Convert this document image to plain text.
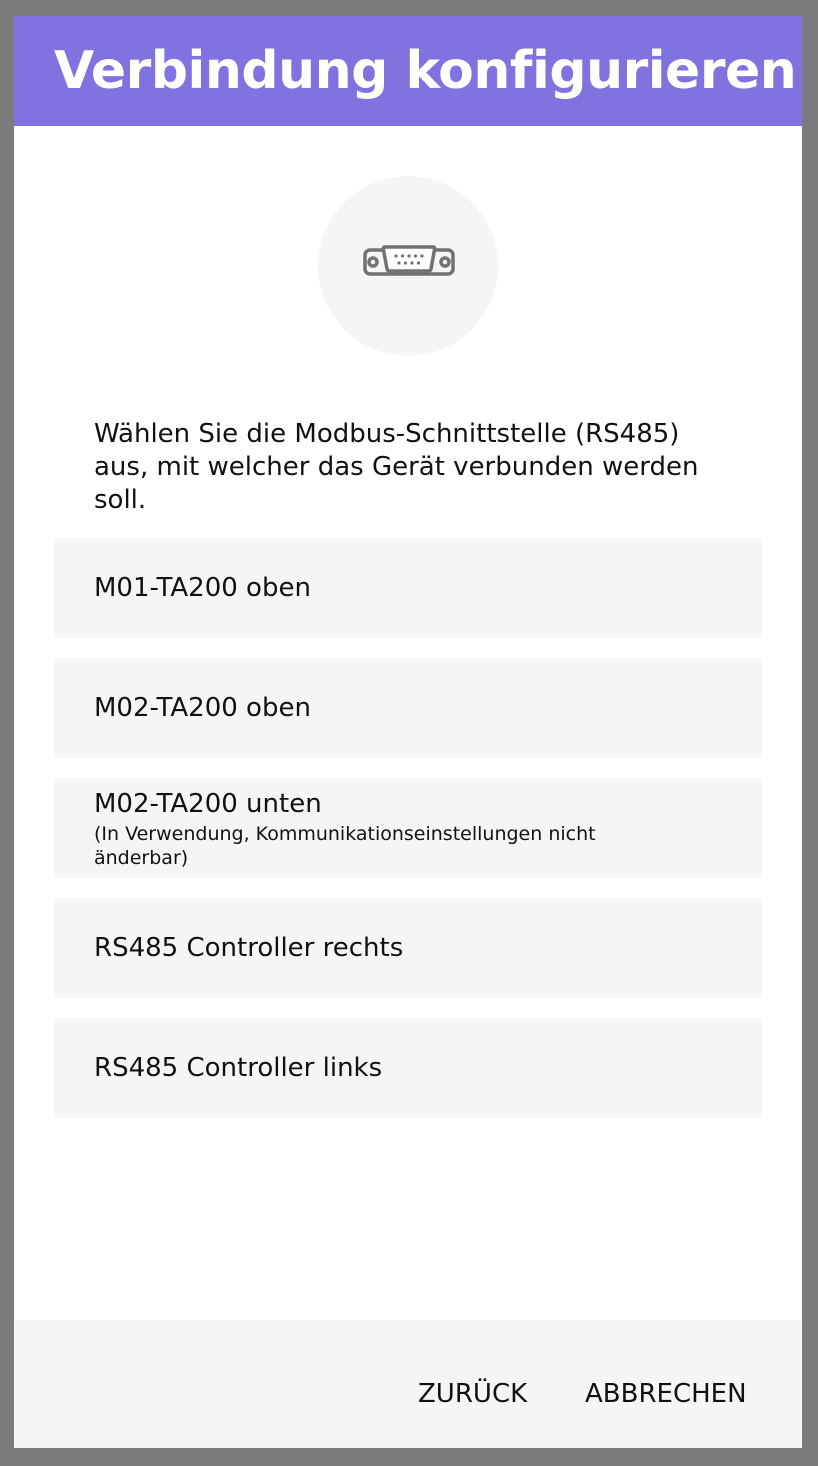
Verbindung konfigurieren

Wählen Sie die Modbus-Schnittstelle (RS485) aus, mit welcher das Gerät verbunden werden soll.

M01-TA200 oben
M02-TA200 oben
M02-TA200 unten
(In Verwendung, Kommunikationseinstellungen nicht änderbar)
RS485 Controller rechts
RS485 Controller links
ZURÜCK ABBRECHEN
